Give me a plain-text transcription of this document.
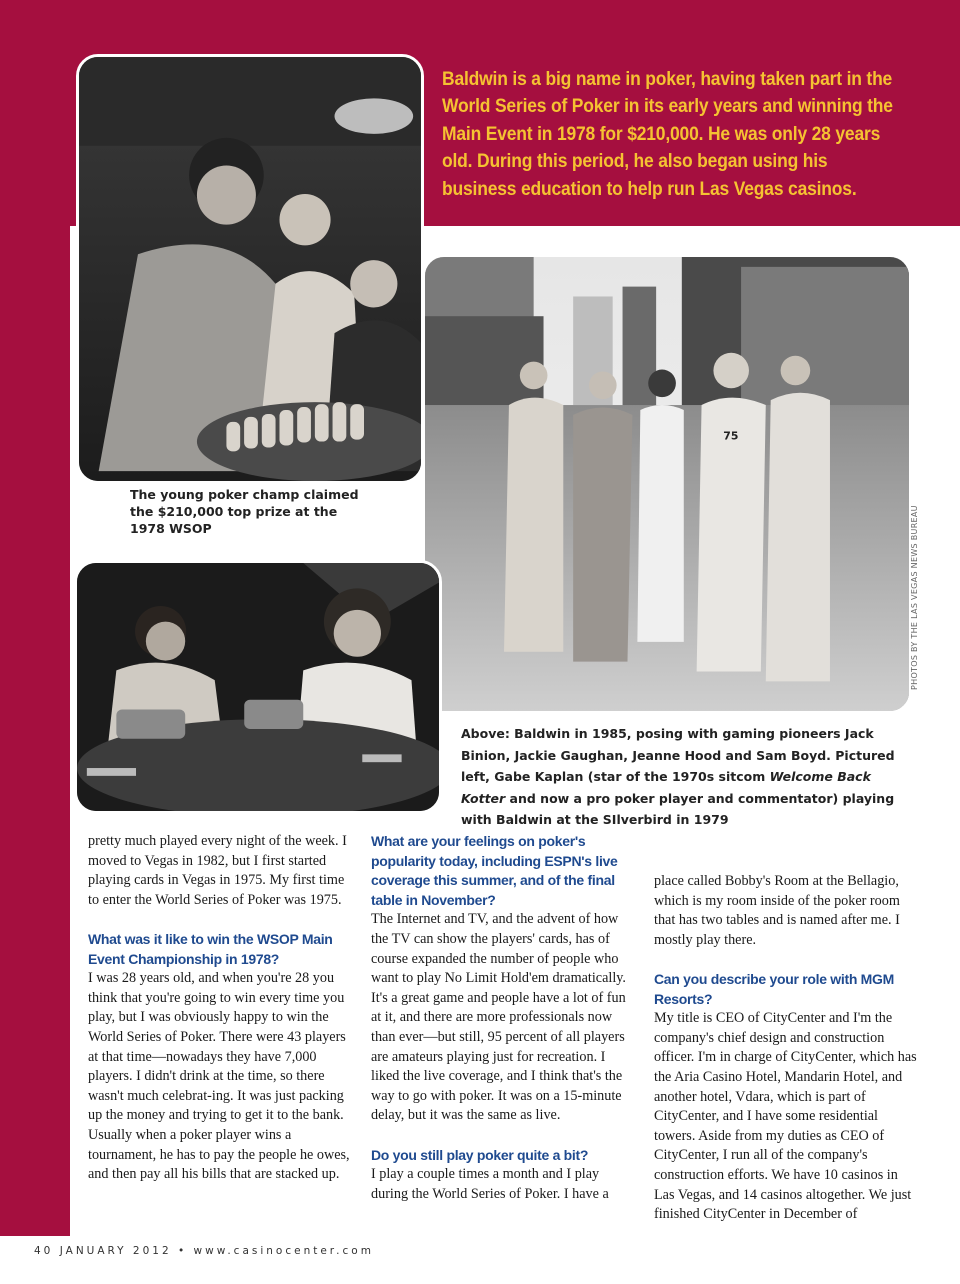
The young poker champ claimed the $210,000 top prize at the 1978 WSOP
Baldwin is a big name in poker, having taken part in the World Series of Poker in its early years and winning the Main Event in 1978 for $210,000. He was only 28 years old. During this period, he also began using his business education to help run Las Vegas casinos.
75
PHOTOS BY THE LAS VEGAS NEWS BUREAU
Above: Baldwin in 1985, posing with gaming pioneers Jack Binion, Jackie Gaughan, Jeanne Hood and Sam Boyd. Pictured left, Gabe Kaplan (star of the 1970s sitcom Welcome Back Kotter and now a pro poker player and commentator) playing with Baldwin at the SIlverbird in 1979

pretty much played every night of the week. I moved to Vegas in 1982, but I first started playing cards in Vegas in 1975. My first time to enter the World Series of Poker was 1975.

What was it like to win the WSOP Main Event Championship in 1978?

I was 28 years old, and when you're 28 you think that you're going to win every time you play, but I was obviously happy to win the World Series of Poker. There were 43 players at that time—nowadays they have 7,000 players. I didn't drink at the time, so there wasn't much celebrat-ing. It was just packing up the money and trying to get it to the bank. Usually when a poker player wins a tournament, he has to pay the people he owes, and then pay all his bills that are stacked up.

What are your feelings on poker's popularity today, including ESPN's live coverage this summer, and of the final table in November?

The Internet and TV, and the advent of how the TV can show the players' cards, has of course expanded the number of people who want to play No Limit Hold'em dramatically. It's a great game and people have a lot of fun at it, and there are more professionals now than ever—but still, 95 percent of all players are amateurs playing just for recreation. I liked the live coverage, and I think that's the way to go with poker. It was on a 15-minute delay, but it was the same as live.

Do you still play poker quite a bit?

I play a couple times a month and I play during the World Series of Poker. I have a

place called Bobby's Room at the Bellagio, which is my room inside of the poker room that has two tables and is named after me. I mostly play there.

Can you describe your role with MGM Resorts?

My title is CEO of CityCenter and I'm the company's chief design and construction officer. I'm in charge of CityCenter, which has the Aria Casino Hotel, Mandarin Hotel, and another hotel, Vdara, which is part of CityCenter, and I have some residential towers. Aside from my duties as CEO of CityCenter, I run all of the company's construction efforts. We have 10 casinos in Las Vegas, and 14 casinos altogether. We just finished CityCenter in December of

40 JANUARY 2012 • www.casinocenter.com
